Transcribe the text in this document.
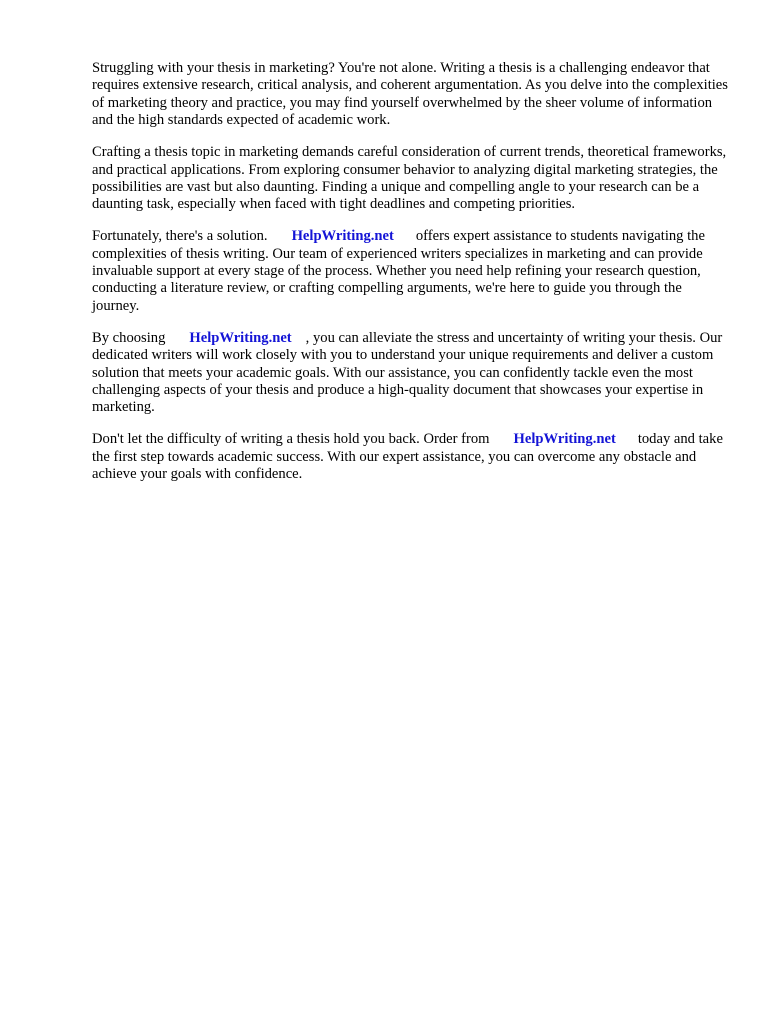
Struggling with your thesis in marketing? You're not alone. Writing a thesis is a challenging endeavor that requires extensive research, critical analysis, and coherent argumentation. As you delve into the complexities of marketing theory and practice, you may find yourself overwhelmed by the sheer volume of information and the high standards expected of academic work.

Crafting a thesis topic in marketing demands careful consideration of current trends, theoretical frameworks, and practical applications. From exploring consumer behavior to analyzing digital marketing strategies, the possibilities are vast but also daunting. Finding a unique and compelling angle to your research can be a daunting task, especially when faced with tight deadlines and competing priorities.

Fortunately, there's a solution. HelpWriting.net offers expert assistance to students navigating the complexities of thesis writing. Our team of experienced writers specializes in marketing and can provide invaluable support at every stage of the process. Whether you need help refining your research question, conducting a literature review, or crafting compelling arguments, we're here to guide you through the journey.

By choosing HelpWriting.net , you can alleviate the stress and uncertainty of writing your thesis. Our dedicated writers will work closely with you to understand your unique requirements and deliver a custom solution that meets your academic goals. With our assistance, you can confidently tackle even the most challenging aspects of your thesis and produce a high-quality document that showcases your expertise in marketing.

Don't let the difficulty of writing a thesis hold you back. Order from HelpWriting.net today and take the first step towards academic success. With our expert assistance, you can overcome any obstacle and achieve your goals with confidence.
